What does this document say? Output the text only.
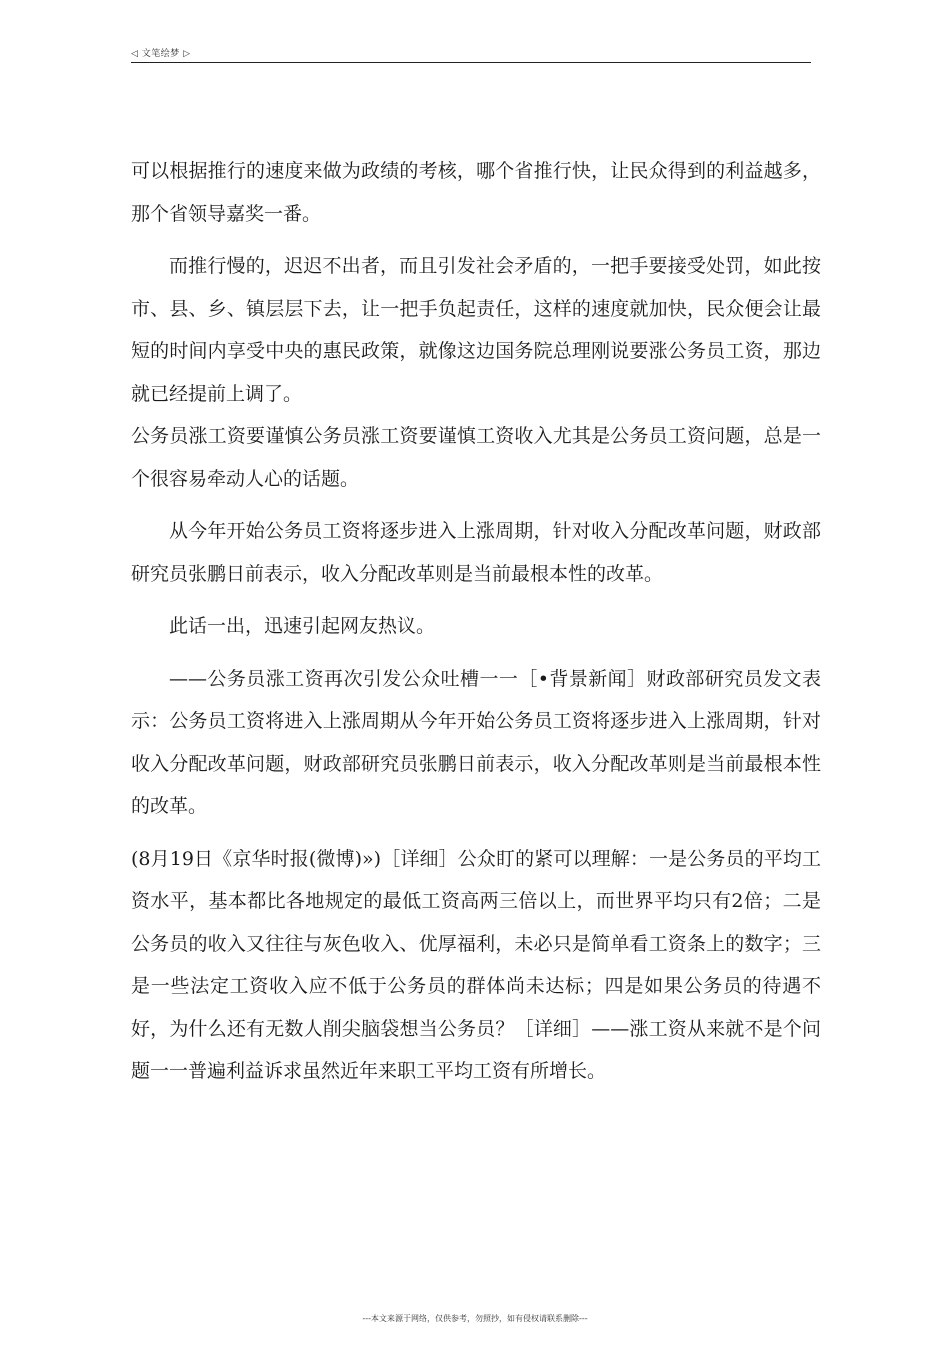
◁ 文笔绘梦 ▷

可以根据推行的速度来做为政绩的考核，哪个省推行快，让民众得到的利益越多，那个省领导嘉奖一番。

而推行慢的，迟迟不出者，而且引发社会矛盾的，一把手要接受处罚，如此按市、县、乡、镇层层下去，让一把手负起责任，这样的速度就加快，民众便会让最短的时间内享受中央的惠民政策，就像这边国务院总理刚说要涨公务员工资，那边就已经提前上调了。

公务员涨工资要谨慎公务员涨工资要谨慎工资收入尤其是公务员工资问题，总是一个很容易牵动人心的话题。

从今年开始公务员工资将逐步进入上涨周期，针对收入分配改革问题，财政部研究员张鹏日前表示，收入分配改革则是当前最根本性的改革。

此话一出，迅速引起网友热议。

——公务员涨工资再次引发公众吐槽一一［•背景新闻］财政部研究员发文表示：公务员工资将进入上涨周期从今年开始公务员工资将逐步进入上涨周期，针对收入分配改革问题，财政部研究员张鹏日前表示，收入分配改革则是当前最根本性的改革。

(8月19日《京华时报(微博)»)［详细］公众盯的紧可以理解：一是公务员的平均工资水平，基本都比各地规定的最低工资高两三倍以上，而世界平均只有2倍；二是公务员的收入又往往与灰色收入、优厚福利，未必只是简单看工资条上的数字；三是一些法定工资收入应不低于公务员的群体尚未达标；四是如果公务员的待遇不好，为什么还有无数人削尖脑袋想当公务员？［详细］——涨工资从来就不是个问题一一普遍利益诉求虽然近年来职工平均工资有所增长。

---本文来源于网络，仅供参考，勿照抄，如有侵权请联系删除---
